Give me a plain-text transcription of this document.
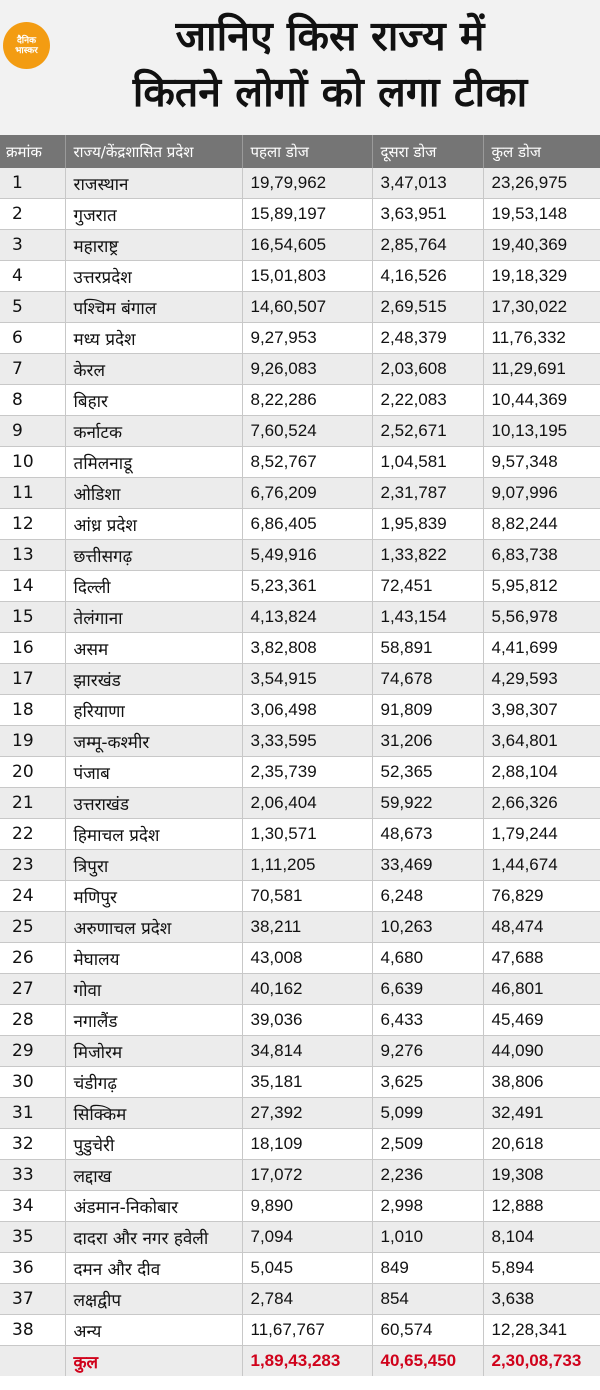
दैनिक
भास्कर	जानिए किस राज्य में
कितने लोगों को लगा टीका
क्रमांक	राज्य/केंद्रशासित प्रदेश	पहला डोज	दूसरा डोज	कुल डोज
1	राजस्थान	19,79,962	3,47,013	23,26,975
2	गुजरात	15,89,197	3,63,951	19,53,148
3	महाराष्ट्र	16,54,605	2,85,764	19,40,369
4	उत्तरप्रदेश	15,01,803	4,16,526	19,18,329
5	पश्चिम बंगाल	14,60,507	2,69,515	17,30,022
6	मध्य प्रदेश	9,27,953	2,48,379	11,76,332
7	केरल	9,26,083	2,03,608	11,29,691
8	बिहार	8,22,286	2,22,083	10,44,369
9	कर्नाटक	7,60,524	2,52,671	10,13,195
10	तमिलनाडू	8,52,767	1,04,581	9,57,348
11	ओडिशा	6,76,209	2,31,787	9,07,996
12	आंध्र प्रदेश	6,86,405	1,95,839	8,82,244
13	छत्तीसगढ़	5,49,916	1,33,822	6,83,738
14	दिल्ली	5,23,361	72,451	5,95,812
15	तेलंगाना	4,13,824	1,43,154	5,56,978
16	असम	3,82,808	58,891	4,41,699
17	झारखंड	3,54,915	74,678	4,29,593
18	हरियाणा	3,06,498	91,809	3,98,307
19	जम्मू-कश्मीर	3,33,595	31,206	3,64,801
20	पंजाब	2,35,739	52,365	2,88,104
21	उत्तराखंड	2,06,404	59,922	2,66,326
22	हिमाचल प्रदेश	1,30,571	48,673	1,79,244
23	त्रिपुरा	1,11,205	33,469	1,44,674
24	मणिपुर	70,581	6,248	76,829
25	अरुणाचल प्रदेश	38,211	10,263	48,474
26	मेघालय	43,008	4,680	47,688
27	गोवा	40,162	6,639	46,801
28	नगालैंड	39,036	6,433	45,469
29	मिजोरम	34,814	9,276	44,090
30	चंडीगढ़	35,181	3,625	38,806
31	सिक्किम	27,392	5,099	32,491
32	पुडुचेरी	18,109	2,509	20,618
33	लद्दाख	17,072	2,236	19,308
34	अंडमान-निकोबार	9,890	2,998	12,888
35	दादरा और नगर हवेली	7,094	1,010	8,104
36	दमन और दीव	5,045	849	5,894
37	लक्षद्वीप	2,784	854	3,638
38	अन्य	11,67,767	60,574	12,28,341
	कुल	1,89,43,283	40,65,450	2,30,08,733
